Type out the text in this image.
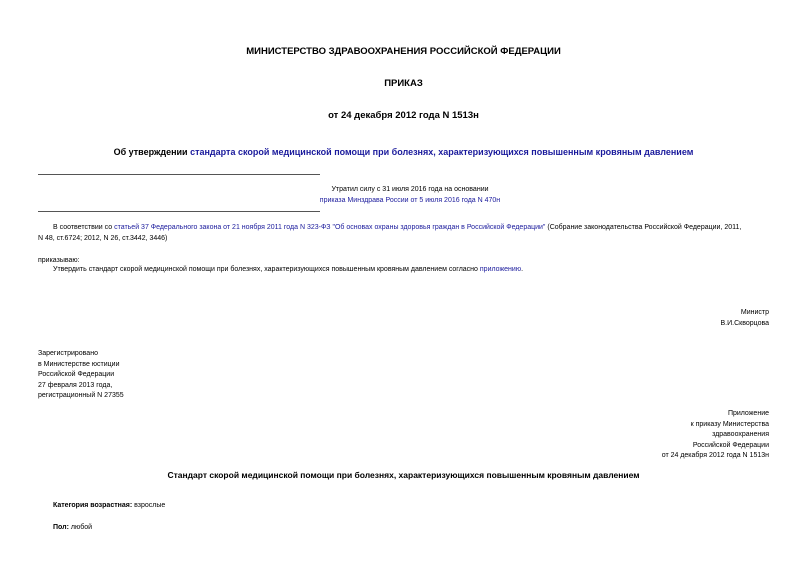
МИНИСТЕРСТВО ЗДРАВООХРАНЕНИЯ РОССИЙСКОЙ ФЕДЕРАЦИИ
ПРИКАЗ
от 24 декабря 2012 года N 1513н
Об утверждении стандарта скорой медицинской помощи при болезнях, характеризующихся повышенным кровяным давлением
Утратил силу с 31 июля 2016 года на основании
приказа Минздрава России от 5 июля 2016 года N 470н
В соответствии со статьей 37 Федерального закона от 21 ноября 2011 года N 323-ФЗ "Об основах охраны здоровья граждан в Российской Федерации" (Собрание законодательства Российской Федерации, 2011,
N 48, ст.6724; 2012, N 26, ст.3442, 3446)
приказываю:
Утвердить стандарт скорой медицинской помощи при болезнях, характеризующихся повышенным кровяным давлением согласно приложению.
Министр
В.И.Скворцова
Зарегистрировано
в Министерстве юстиции
Российской Федерации
27 февраля 2013 года,
регистрационный N 27355
Приложение
к приказу Министерства
здравоохранения
Российской Федерации
от 24 декабря 2012 года N 1513н
Стандарт скорой медицинской помощи при болезнях, характеризующихся повышенным кровяным давлением
Категория возрастная: взрослые
Пол: любой
